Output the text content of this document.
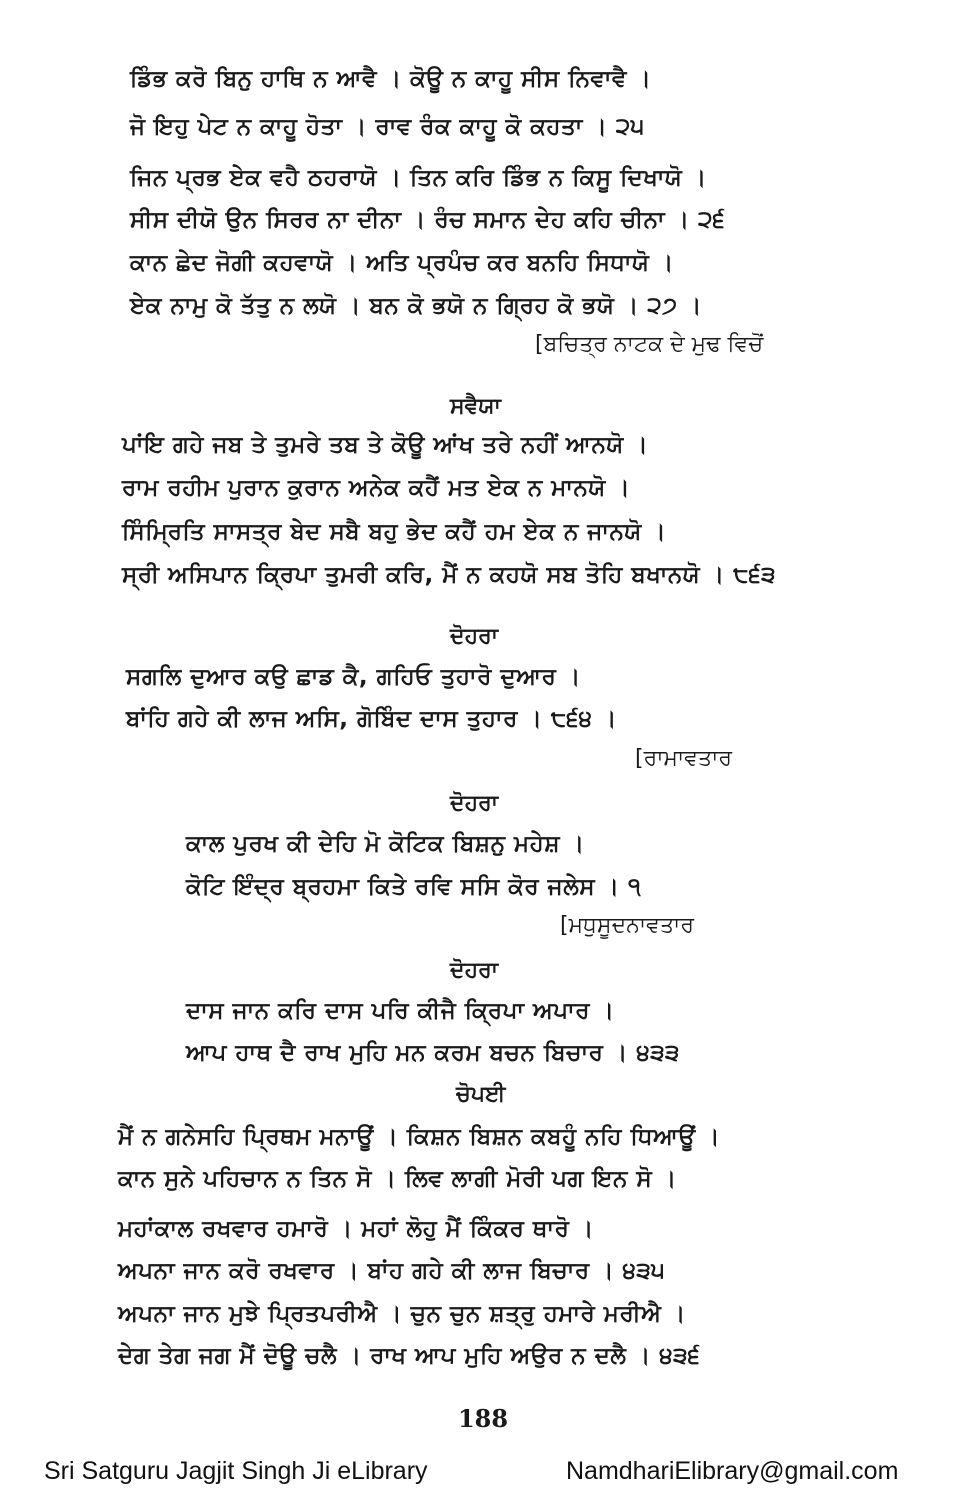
ਡਿੰਭ ਕਰੋ ਬਿਨੁ ਹਾਥਿ ਨ ਆਵੈ । ਕੋਊ ਨ ਕਾਹੂ ਸੀਸ ਨਿਵਾਵੈ ।
ਜੋ ਇਹੁ ਪੇਟ ਨ ਕਾਹੂ ਹੋਤਾ । ਰਾਵ ਰੰਕ ਕਾਹੂ ਕੋ ਕਹਤਾ । ੨੫
ਜਿਨ ਪ੍ਰਭ ਏਕ ਵਹੈ ਠਹਰਾਯੋ । ਤਿਨ ਕਰਿ ਡਿੰਭ ਨ ਕਿਸੂ ਦਿਖਾਯੋ ।
ਸੀਸ ਦੀਯੋ ਉਨ ਸਿਰਰ ਨਾ ਦੀਨਾ । ਰੰਚ ਸਮਾਨ ਦੇਹ ਕਹਿ ਚੀਨਾ । ੨੬
ਕਾਨ ਛੇਦ ਜੋਗੀ ਕਹਵਾਯੋ । ਅਤਿ ਪ੍ਰਪੰਚ ਕਰ ਬਨਹਿ ਸਿਧਾਯੋ ।
ਏਕ ਨਾਮੁ ਕੋ ਤੱਤੁ ਨ ਲਯੋ । ਬਨ ਕੋ ਭਯੋ ਨ ਗ੍ਰਿਹ ਕੋ ਭਯੋ । ੨੭ ।
[ਬਚਿਤ੍ਰ ਨਾਟਕ ਦੇ ਮੁਢ ਵਿਚੋਂ
ਸਵੈਯਾ
ਪਾਂਇ ਗਹੇ ਜਬ ਤੇ ਤੁਮਰੇ ਤਬ ਤੇ ਕੋਊ ਆਂਖ ਤਰੇ ਨਹੀਂ ਆਨਯੋ ।
ਰਾਮ ਰਹੀਮ ਪੁਰਾਨ ਕੁਰਾਨ ਅਨੇਕ ਕਹੈਂ ਮਤ ਏਕ ਨ ਮਾਨਯੋ ।
ਸਿੰਮ੍ਰਿਤਿ ਸਾਸਤ੍ਰ ਬੇਦ ਸਬੈ ਬਹੁ ਭੇਦ ਕਹੈਂ ਹਮ ਏਕ ਨ ਜਾਨਯੋ ।
ਸ੍ਰੀ ਅਸਿਪਾਨ ਕ੍ਰਿਪਾ ਤੁਮਰੀ ਕਰਿ, ਮੈਂ ਨ ਕਹਯੋ ਸਬ ਤੋਹਿ ਬਖਾਨਯੋ । ੮੬੩
ਦੋਹਰਾ
ਸਗਲਿ ਦੁਆਰ ਕਉ ਛਾਡ ਕੈ, ਗਹਿਓ ਤੁਹਾਰੋ ਦੁਆਰ ।
ਬਾਂਹਿ ਗਹੇ ਕੀ ਲਾਜ ਅਸਿ, ਗੋਬਿੰਦ ਦਾਸ ਤੁਹਾਰ । ੮੬੪ ।
[ਰਾਮਾਵਤਾਰ
ਦੋਹਰਾ
ਕਾਲ ਪੁਰਖ ਕੀ ਦੇਹਿ ਮੋ ਕੋਟਿਕ ਬਿਸ਼ਨੁ ਮਹੇਸ਼ ।
ਕੋਟਿ ਇੰਦ੍ਰ ਬ੍ਰਹਮਾ ਕਿਤੇ ਰਵਿ ਸਸਿ ਕੋਰ ਜਲੇਸ । ੧
[ਮਧੁਸੂਦਨਾਵਤਾਰ
ਦੋਹਰਾ
ਦਾਸ ਜਾਨ ਕਰਿ ਦਾਸ ਪਰਿ ਕੀਜੈ ਕ੍ਰਿਪਾ ਅਪਾਰ ।
ਆਪ ਹਾਥ ਦੈ ਰਾਖ ਮੁਹਿ ਮਨ ਕਰਮ ਬਚਨ ਬਿਚਾਰ । ੪੩੩
ਚੋਪਈ
ਮੈਂ ਨ ਗਨੇਸਹਿ ਪ੍ਰਿਥਮ ਮਨਾਊਂ । ਕਿਸ਼ਨ ਬਿਸ਼ਨ ਕਬਹੂੰ ਨਹਿ ਧਿਆਊਂ ।
ਕਾਨ ਸੁਨੇ ਪਹਿਚਾਨ ਨ ਤਿਨ ਸੋ । ਲਿਵ ਲਾਗੀ ਮੋਰੀ ਪਗ ਇਨ ਸੋ ।
ਮਹਾਂਕਾਲ ਰਖਵਾਰ ਹਮਾਰੋ । ਮਹਾਂ ਲੋਹੁ ਮੈਂ ਕਿੰਕਰ ਥਾਰੋ ।
ਅਪਨਾ ਜਾਨ ਕਰੋ ਰਖਵਾਰ । ਬਾਂਹ ਗਹੇ ਕੀ ਲਾਜ ਬਿਚਾਰ । ੪੩੫
ਅਪਨਾ ਜਾਨ ਮੁਝੇ ਪ੍ਰਿਤਪਰੀਐ । ਚੁਨ ਚੁਨ ਸ਼ਤ੍ਰੁ ਹਮਾਰੇ ਮਰੀਐ ।
ਦੇਗ ਤੇਗ ਜਗ ਮੈਂ ਦੋਊ ਚਲੈ । ਰਾਖ ਆਪ ਮੁਹਿ ਅਉਰ ਨ ਦਲੈ । ੪੩੬
188
Sri Satguru Jagjit Singh Ji eLibrary	NamdhariElibrary@gmail.com
